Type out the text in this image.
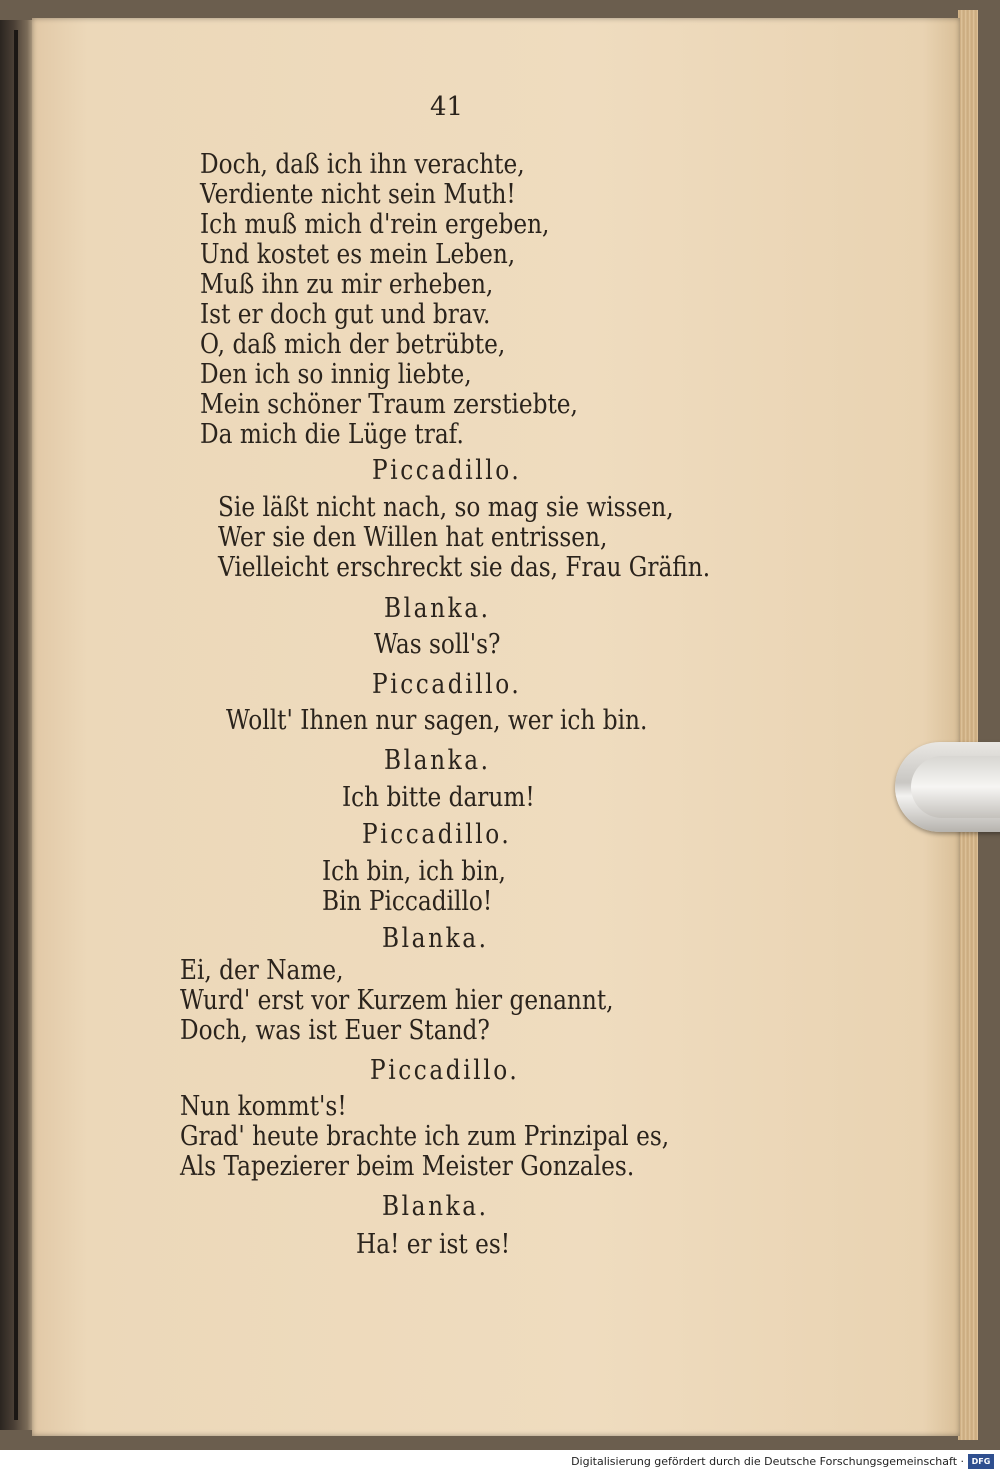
41
Doch, daß ich ihn verachte,
Verdiente nicht sein Muth!
Ich muß mich d'rein ergeben,
Und kostet es mein Leben,
Muß ihn zu mir erheben,
Ist er doch gut und brav.
O, daß mich der betrübte,
Den ich so innig liebte,
Mein schöner Traum zerstiebte,
Da mich die Lüge traf.
Piccadillo.
Sie läßt nicht nach, so mag sie wissen,
Wer sie den Willen hat entrissen,
Vielleicht erschreckt sie das, Frau Gräfin.
Blanka.
Was soll's?
Piccadillo.
Wollt' Ihnen nur sagen, wer ich bin.
Blanka.
Ich bitte darum!
Piccadillo.
Ich bin, ich bin,
Bin Piccadillo!
Blanka.
Ei, der Name,
Wurd' erst vor Kurzem hier genannt,
Doch, was ist Euer Stand?
Piccadillo.
Nun kommt's!
Grad' heute brachte ich zum Prinzipal es,
Als Tapezierer beim Meister Gonzales.
Blanka.
Ha! er ist es!
Digitalisierung gefördert durch die Deutsche Forschungsgemeinschaft · DFG
